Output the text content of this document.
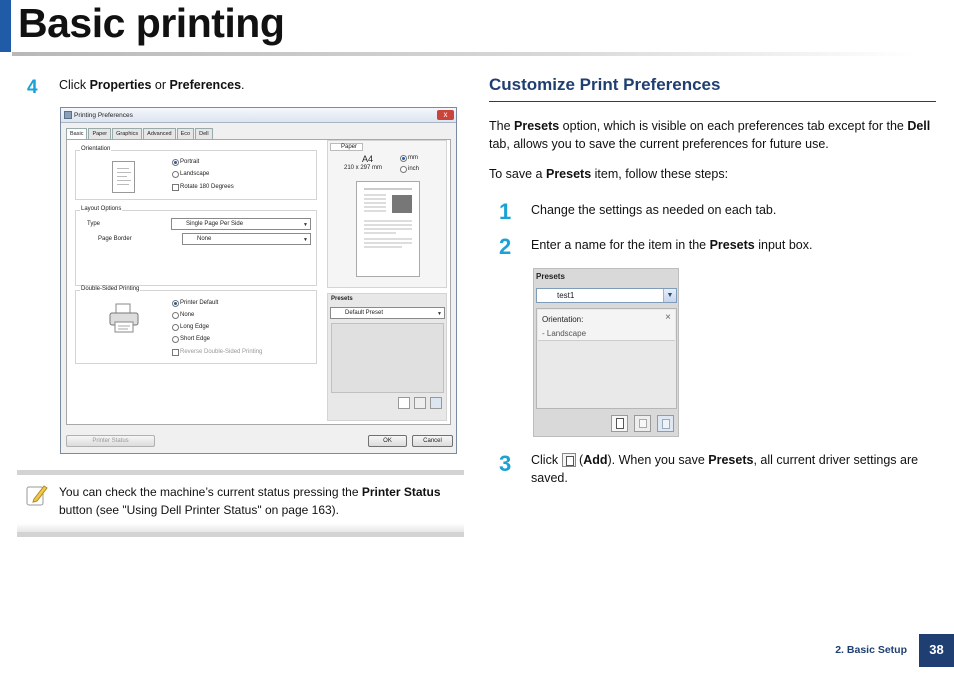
Basic printing
4 Click Properties or Preferences.
Printing Preferences	x
Basic	Paper	Graphics	Advanced	Eco	Dell
Orientation
Portrait
Landscape
Rotate 180 Degrees
Layout Options
Type	Single Page Per Side	▼
Page Border	None	▼
Double-Sided Printing
Printer Default
None
Long Edge
Short Edge
Reverse Double-Sided Printing
Paper
A4
210 x 297 mm
mm
inch
Presets
Default Preset	▼
Printer Status	OK	Cancel
You can check the machine’s current status pressing the Printer Status button (see "Using Dell Printer Status" on page 163).
Customize Print Preferences
The Presets option, which is visible on each preferences tab except for the Dell tab, allows you to save the current preferences for future use.
To save a Presets item, follow these steps:
1 Change the settings as needed on each tab.
2 Enter a name for the item in the Presets input box.
Presets
test1	▼
Orientation:
- Landscape
×
3 Click  (Add). When you save Presets, all current driver settings are saved.
2. Basic Setup	38
